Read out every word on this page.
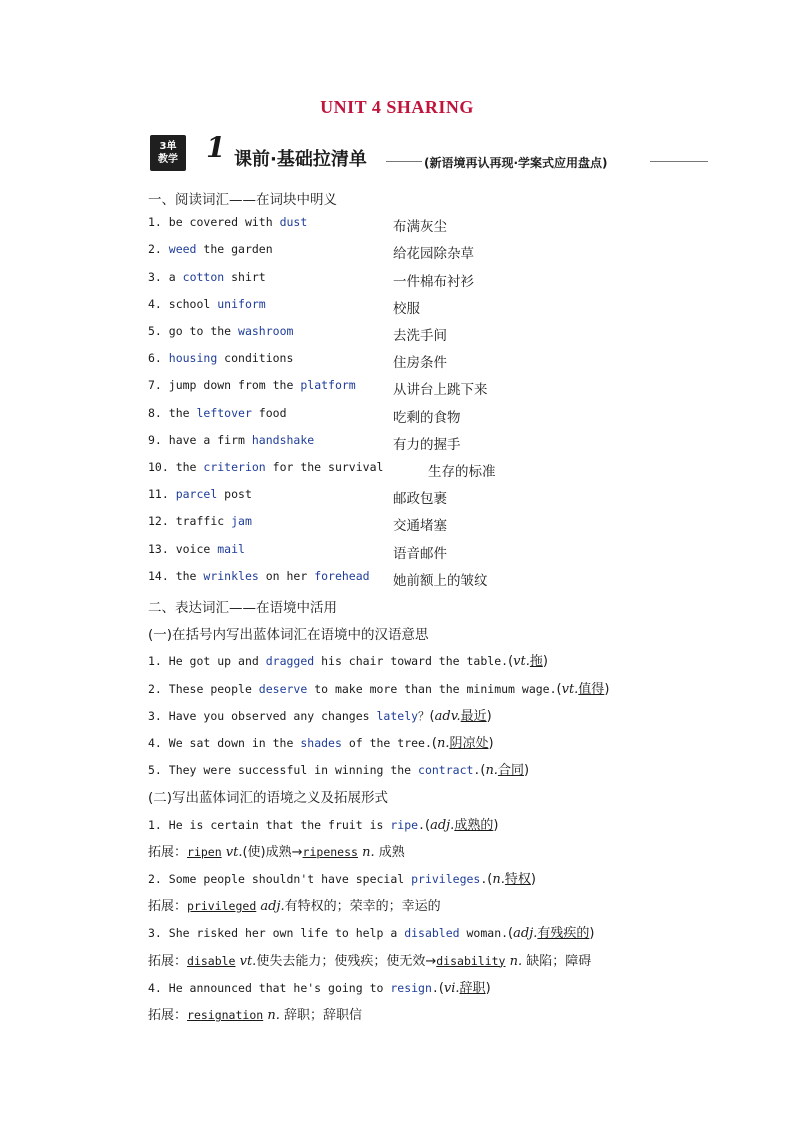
UNIT 4 SHARING
3单
教学 1 课前·基础拉清单	(新语境再认再现·学案式应用盘点)
一、阅读词汇——在词块中明义
1. be covered with dust	布满灰尘
2. weed the garden	给花园除杂草
3. a cotton shirt	一件棉布衬衫
4. school uniform	校服
5. go to the washroom	去洗手间
6. housing conditions	住房条件
7. jump down from the platform	从讲台上跳下来
8. the leftover food	吃剩的食物
9. have a firm handshake	有力的握手
10. the criterion for the survival	生存的标准
11. parcel post	邮政包裹
12. traffic jam	交通堵塞
13. voice mail	语音邮件
14. the wrinkles on her forehead 她前额上的皱纹
二、表达词汇——在语境中活用
(一)在括号内写出蓝体词汇在语境中的汉语意思
1. He got up and dragged his chair toward the table.(vt.拖)
2. These people deserve to make more than the minimum wage.(vt.值得)
3. Have you observed any changes lately？(adv.最近)
4. We sat down in the shades of the tree.(n.阴凉处)
5. They were successful in winning the contract.(n.合同)
(二)写出蓝体词汇的语境之义及拓展形式
1. He is certain that the fruit is ripe.(adj.成熟的)
拓展：ripen vt.(使)成熟→ripeness n. 成熟
2. Some people shouldn't have special privileges.(n.特权)
拓展：privileged adj.有特权的；荣幸的；幸运的
3. She risked her own life to help a disabled woman.(adj.有残疾的)
拓展：disable vt.使失去能力；使残疾；使无效→disability n. 缺陷；障碍
4. He announced that he's going to resign.(vi.辞职)
拓展：resignation n. 辞职；辞职信
